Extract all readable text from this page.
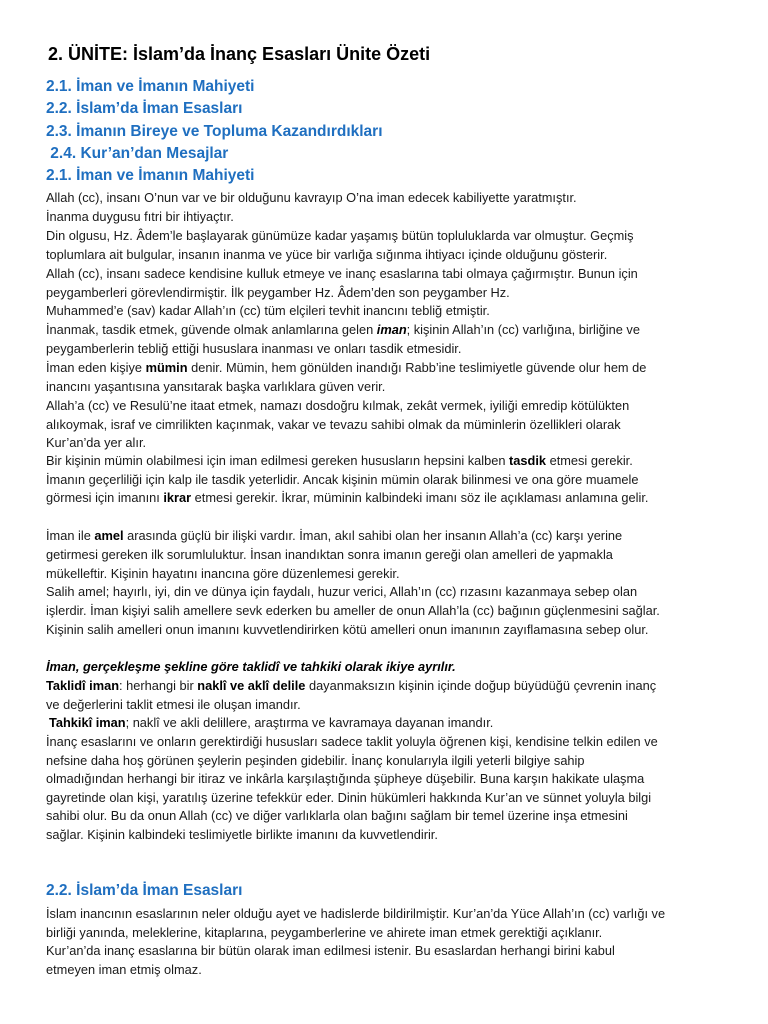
2. ÜNİTE: İslam’da İnanç Esasları Ünite Özeti
2.1. İman ve İmanın Mahiyeti
2.2. İslam’da İman Esasları
2.3. İmanın Bireye ve Topluma Kazandırdıkları
2.4. Kur’an’dan Mesajlar
2.1. İman ve İmanın Mahiyeti
Allah (cc), insanı O’nun var ve bir olduğunu kavrayıp O’na iman edecek kabiliyette yaratmıştır.
İnanma duygusu fıtri bir ihtiyaçtır.
Din olgusu, Hz. Âdem’le başlayarak günümüze kadar yaşamış bütün topluluklarda var olmuştur. Geçmiş
toplumlara ait bulgular, insanın inanma ve yüce bir varlığa sığınma ihtiyacı içinde olduğunu gösterir.
Allah (cc), insanı sadece kendisine kulluk etmeye ve inanç esaslarına tabi olmaya çağırmıştır. Bunun için
peygamberleri görevlendirmiştir. İlk peygamber Hz. Âdem’den son peygamber Hz.
Muhammed’e (sav) kadar Allah’ın (cc) tüm elçileri tevhit inancını tebliğ etmiştir.
İnanmak, tasdik etmek, güvende olmak anlamlarına gelen iman; kişinin Allah’ın (cc) varlığına, birliğine ve
peygamberlerin tebliğ ettiği hususlara inanması ve onları tasdik etmesidir.
İman eden kişiye mümin denir. Mümin, hem gönülden inandığı Rabb’ine teslimiyetle güvende olur hem de
inancını yaşantısına yansıtarak başka varlıklara güven verir.
Allah’a (cc) ve Resulü’ne itaat etmek, namazı dosdoğru kılmak, zekât vermek, iyiliği emredip kötülükten
alıkoymak, israf ve cimrilikten kaçınmak, vakar ve tevazu sahibi olmak da müminlerin özellikleri olarak
Kur’an’da yer alır.
Bir kişinin mümin olabilmesi için iman edilmesi gereken hususların hepsini kalben tasdik etmesi gerekir.
İmanın geçerliliği için kalp ile tasdik yeterlidir. Ancak kişinin mümin olarak bilinmesi ve ona göre muamele
görmesi için imanını ikrar etmesi gerekir. İkrar, müminin kalbindeki imanı söz ile açıklaması anlamına gelir.
İman ile amel arasında güçlü bir ilişki vardır. İman, akıl sahibi olan her insanın Allah’a (cc) karşı yerine
getirmesi gereken ilk sorumluluktur. İnsan inandıktan sonra imanın gereği olan amelleri de yapmakla
mükelleftir. Kişinin hayatını inancına göre düzenlemesi gerekir.
Salih amel; hayırlı, iyi, din ve dünya için faydalı, huzur verici, Allah’ın (cc) rızasını kazanmaya sebep olan
işlerdir. İman kişiyi salih amellere sevk ederken bu ameller de onun Allah’la (cc) bağının güçlenmesini sağlar.
Kişinin salih amelleri onun imanını kuvvetlendirirken kötü amelleri onun imanının zayıflamasına sebep olur.
İman, gerçekleşme şekline göre taklidî ve tahkiki olarak ikiye ayrılır.
Taklidî iman: herhangi bir naklî ve aklî delile dayanmaksızın kişinin içinde doğup büyüdüğü çevrenin inanç
ve değerlerini taklit etmesi ile oluşan imandır.
Tahkikî iman; naklî ve akli delillere, araştırma ve kavramaya dayanan imandır.
İnanç esaslarını ve onların gerektirdiği hususları sadece taklit yoluyla öğrenen kişi, kendisine telkin edilen ve
nefsine daha hoş görünen şeylerin peşinden gidebilir. İnanç konularıyla ilgili yeterli bilgiye sahip
olmadığından herhangi bir itiraz ve inkârla karşılaştığında şüpheye düşebilir. Buna karşın hakikate ulaşma
gayretinde olan kişi, yaratılış üzerine tefekkür eder. Dinin hükümleri hakkında Kur’an ve sünnet yoluyla bilgi
sahibi olur. Bu da onun Allah (cc) ve diğer varlıklarla olan bağını sağlam bir temel üzerine inşa etmesini
sağlar. Kişinin kalbindeki teslimiyetle birlikte imanını da kuvvetlendirir.
2.2. İslam’da İman Esasları
İslam inancının esaslarının neler olduğu ayet ve hadislerde bildirilmiştir. Kur’an’da Yüce Allah’ın (cc) varlığı ve
birliği yanında, meleklerine, kitaplarına, peygamberlerine ve ahirete iman etmek gerektiği açıklanır.
Kur’an’da inanç esaslarına bir bütün olarak iman edilmesi istenir. Bu esaslardan herhangi birini kabul
etmeyen iman etmiş olmaz.
